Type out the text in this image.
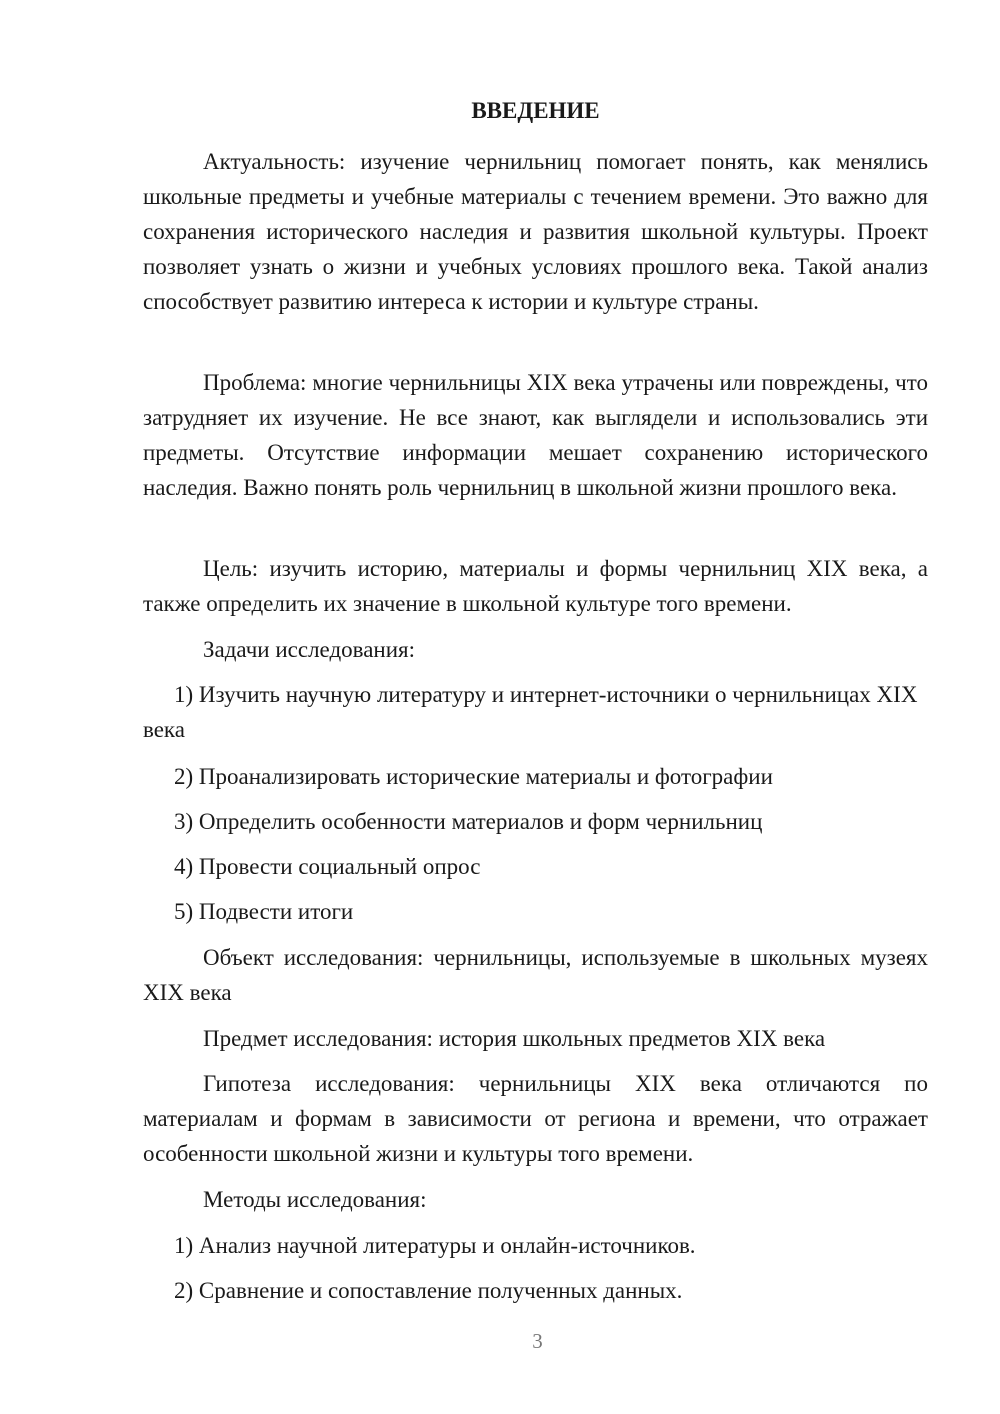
ВВЕДЕНИЕ

Актуальность: изучение чернильниц помогает понять, как менялись школьные предметы и учебные материалы с течением времени. Это важно для сохранения исторического наследия и развития школьной культуры. Проект позволяет узнать о жизни и учебных условиях прошлого века. Такой анализ способствует развитию интереса к истории и культуре страны.

Проблема: многие чернильницы XIX века утрачены или повреждены, что затрудняет их изучение. Не все знают, как выглядели и использовались эти предметы. Отсутствие информации мешает сохранению исторического наследия. Важно понять роль чернильниц в школьной жизни прошлого века.

Цель: изучить историю, материалы и формы чернильниц XIX века, а также определить их значение в школьной культуре того времени.

Задачи исследования:

1) Изучить научную литературу и интернет-источники о чернильницах XIX века

2) Проанализировать исторические материалы и фотографии

3) Определить особенности материалов и форм чернильниц

4) Провести социальный опрос

5) Подвести итоги

Объект исследования: чернильницы, используемые в школьных музеях XIX века

Предмет исследования: история школьных предметов XIX века

Гипотеза исследования: чернильницы XIX века отличаются по материалам и формам в зависимости от региона и времени, что отражает особенности школьной жизни и культуры того времени.

Методы исследования:

1) Анализ научной литературы и онлайн-источников.

2) Сравнение и сопоставление полученных данных.

3
